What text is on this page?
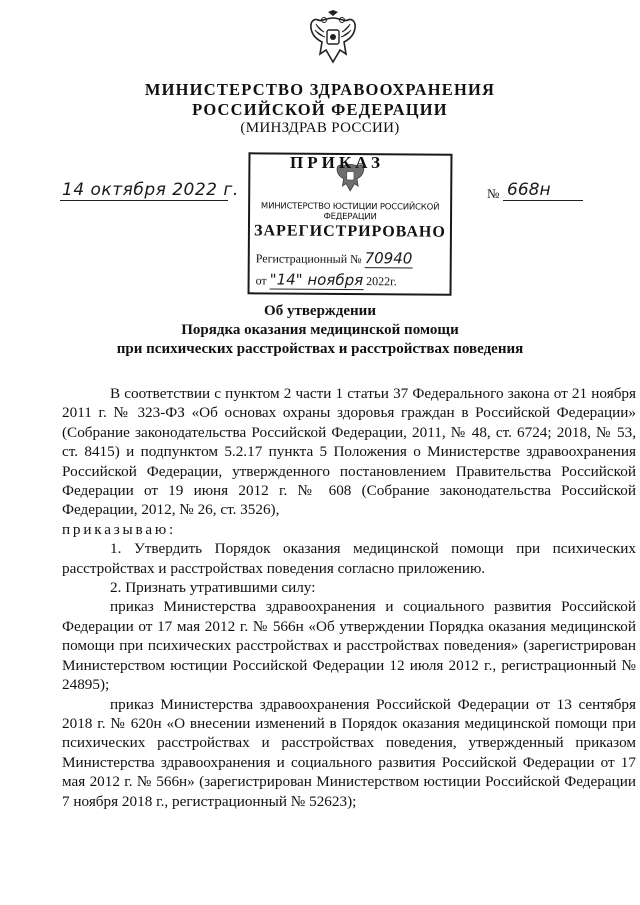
МИНИСТЕРСТВО ЗДРАВООХРАНЕНИЯ
РОССИЙСКОЙ ФЕДЕРАЦИИ
(МИНЗДРАВ РОССИИ)
14 октября 2022 г.	№ 668н
МИНИСТЕРСТВО ЮСТИЦИИ РОССИЙСКОЙ ФЕДЕРАЦИИ
ЗАРЕГИСТРИРОВАНО
Регистрационный № 70940
от "14" ноября 2022г.
ПРИКАЗ
Об утверждении
Порядка оказания медицинской помощи
при психических расстройствах и расстройствах поведения

В соответствии с пунктом 2 части 1 статьи 37 Федерального закона от 21 ноября 2011 г. № 323-ФЗ «Об основах охраны здоровья граждан в Российской Федерации» (Собрание законодательства Российской Федерации, 2011, № 48, ст. 6724; 2018, № 53, ст. 8415) и подпунктом 5.2.17 пункта 5 Положения о Министерстве здравоохранения Российской Федерации, утвержденного постановлением Правительства Российской Федерации от 19 июня 2012 г. № 608 (Собрание законодательства Российской Федерации, 2012, № 26, ст. 3526),

приказываю:

1. Утвердить Порядок оказания медицинской помощи при психических расстройствах и расстройствах поведения согласно приложению.

2. Признать утратившими силу:

приказ Министерства здравоохранения и социального развития Российской Федерации от 17 мая 2012 г. № 566н «Об утверждении Порядка оказания медицинской помощи при психических расстройствах и расстройствах поведения» (зарегистрирован Министерством юстиции Российской Федерации 12 июля 2012 г., регистрационный № 24895);

приказ Министерства здравоохранения Российской Федерации от 13 сентября 2018 г. № 620н «О внесении изменений в Порядок оказания медицинской помощи при психических расстройствах и расстройствах поведения, утвержденный приказом Министерства здравоохранения и социального развития Российской Федерации от 17 мая 2012 г. № 566н» (зарегистрирован Министерством юстиции Российской Федерации 7 ноября 2018 г., регистрационный № 52623);
